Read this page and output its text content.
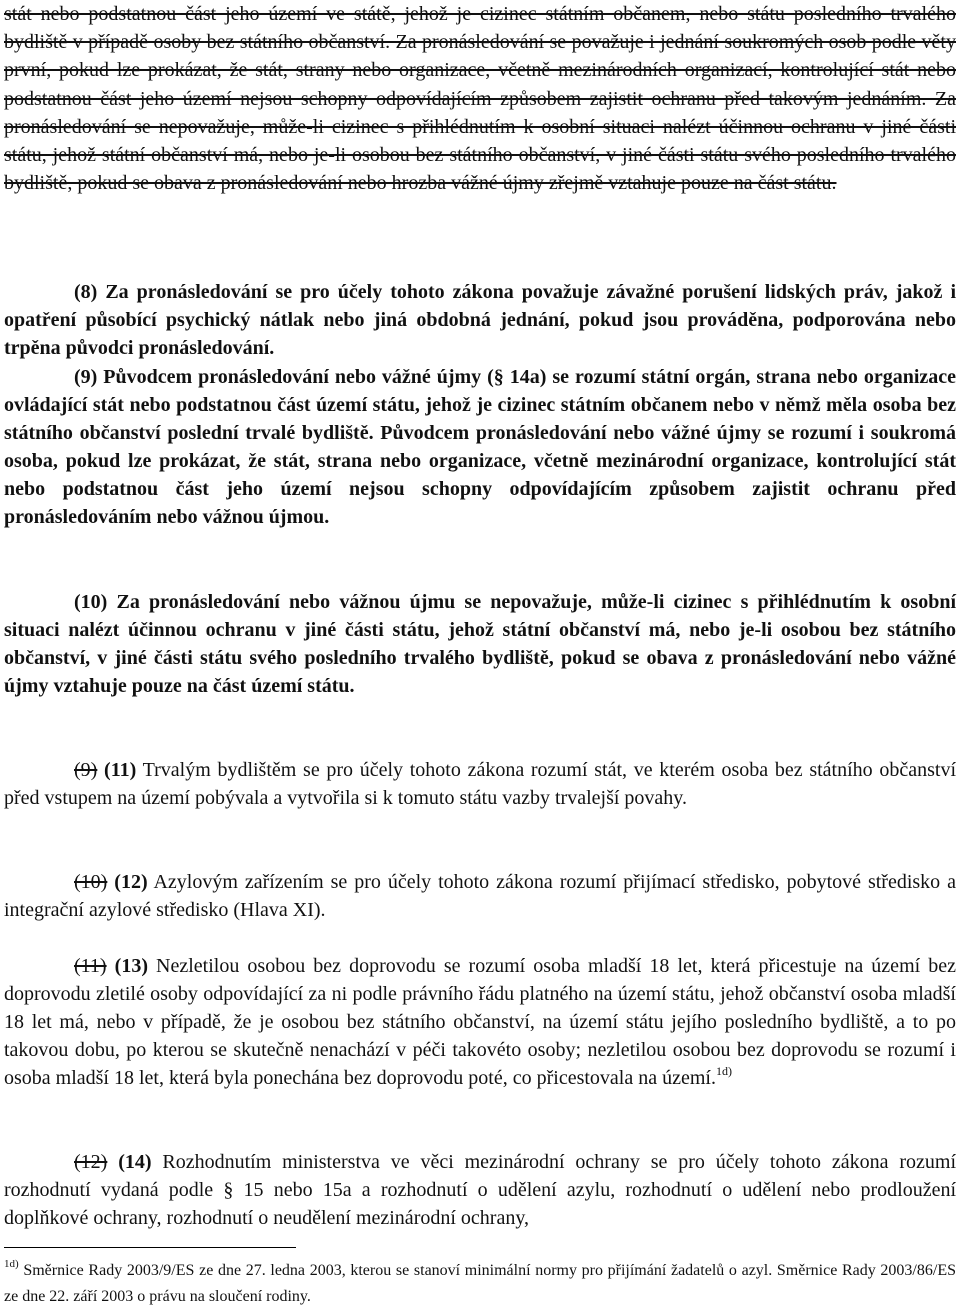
stát nebo podstatnou část jeho území ve státě, jehož je cizinec státním občanem, nebo státu posledního trvalého bydliště v případě osoby bez státního občanství. Za pronásledování se považuje i jednání soukromých osob podle věty první, pokud lze prokázat, že stát, strany nebo organizace, včetně mezinárodních organizací, kontrolující stát nebo podstatnou část jeho území nejsou schopny odpovídajícím způsobem zajistit ochranu před takovým jednáním. Za pronásledování se nepovažuje, může-li cizinec s přihlédnutím k osobní situaci nalézt účinnou ochranu v jiné části státu, jehož státní občanství má, nebo je-li osobou bez státního občanství, v jiné části státu svého posledního trvalého bydliště, pokud se obava z pronásledování nebo hrozba vážné újmy zřejmě vztahuje pouze na část státu.

(8) Za pronásledování se pro účely tohoto zákona považuje závažné porušení lidských práv, jakož i opatření působící psychický nátlak nebo jiná obdobná jednání, pokud jsou prováděna, podporována nebo trpěna původci pronásledování.

(9) Původcem pronásledování nebo vážné újmy (§ 14a) se rozumí státní orgán, strana nebo organizace ovládající stát nebo podstatnou část území státu, jehož je cizinec státním občanem nebo v němž měla osoba bez státního občanství poslední trvalé bydliště. Původcem pronásledování nebo vážné újmy se rozumí i soukromá osoba, pokud lze prokázat, že stát, strana nebo organizace, včetně mezinárodní organizace, kontrolující stát nebo podstatnou část jeho území nejsou schopny odpovídajícím způsobem zajistit ochranu před pronásledováním nebo vážnou újmou.

(10) Za pronásledování nebo vážnou újmu se nepovažuje, může-li cizinec s přihlédnutím k osobní situaci nalézt účinnou ochranu v jiné části státu, jehož státní občanství má, nebo je-li osobou bez státního občanství, v jiné části státu svého posledního trvalého bydliště, pokud se obava z pronásledování nebo vážné újmy vztahuje pouze na část území státu.

(9) (11) Trvalým bydlištěm se pro účely tohoto zákona rozumí stát, ve kterém osoba bez státního občanství před vstupem na území pobývala a vytvořila si k tomuto státu vazby trvalejší povahy.

(10) (12) Azylovým zařízením se pro účely tohoto zákona rozumí přijímací středisko, pobytové středisko a integrační azylové středisko (Hlava XI).

(11) (13) Nezletilou osobou bez doprovodu se rozumí osoba mladší 18 let, která přicestuje na území bez doprovodu zletilé osoby odpovídající za ni podle právního řádu platného na území státu, jehož občanství osoba mladší 18 let má, nebo v případě, že je osobou bez státního občanství, na území státu jejího posledního bydliště, a to po takovou dobu, po kterou se skutečně nenachází v péči takovéto osoby; nezletilou osobou bez doprovodu se rozumí i osoba mladší 18 let, která byla ponechána bez doprovodu poté, co přicestovala na území.$^{1d)}$

(12) (14) Rozhodnutím ministerstva ve věci mezinárodní ochrany se pro účely tohoto zákona rozumí rozhodnutí vydaná podle § 15 nebo 15a a rozhodnutí o udělení azylu, rozhodnutí o udělení nebo prodloužení doplňkové ochrany, rozhodnutí o neudělení mezinárodní ochrany,

$^{1d)}$ Směrnice Rady 2003/9/ES ze dne 27. ledna 2003, kterou se stanoví minimální normy pro přijímání žadatelů o azyl. Směrnice Rady 2003/86/ES ze dne 22. září 2003 o právu na sloučení rodiny.
